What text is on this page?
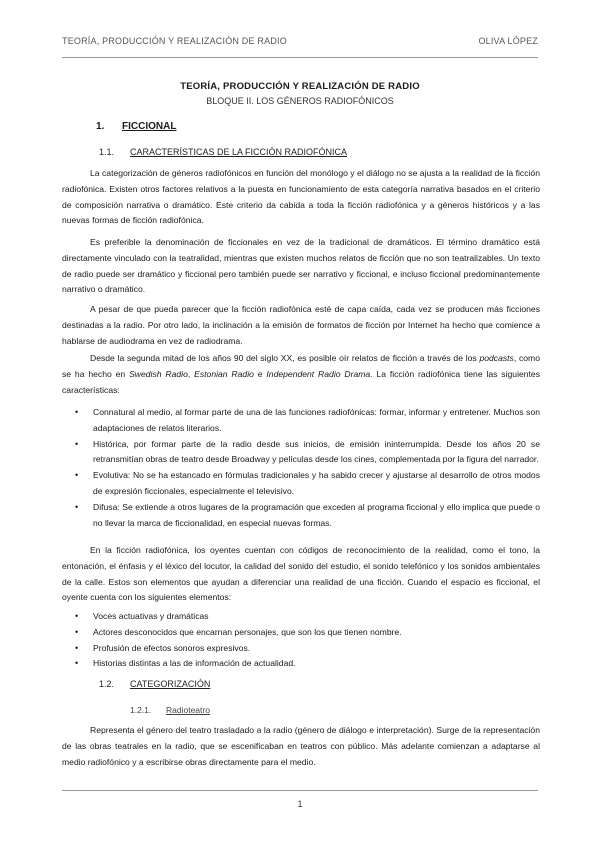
TEORÍA, PRODUCCIÓN Y REALIZACIÓN DE RADIO	OLIVA LÓPEZ
TEORÍA, PRODUCCIÓN Y REALIZACIÓN DE RADIO
BLOQUE II. LOS GÉNEROS RADIOFÓNICOS
1. FICCIONAL
1.1. CARACTERÍSTICAS DE LA FICCIÓN RADIOFÓNICA

La categorización de géneros radiofónicos en función del monólogo y el diálogo no se ajusta a la realidad de la ficción radiofónica. Existen otros factores relativos a la puesta en funcionamiento de esta categoría narrativa basados en el criterio de composición narrativa o dramático. Este criterio da cabida a toda la ficción radiofónica y a géneros históricos y a las nuevas formas de ficción radiofónica.

Es preferible la denominación de ficcionales en vez de la tradicional de dramáticos. El término dramático está directamente vinculado con la teatralidad, mientras que existen muchos relatos de ficción que no son teatralizables. Un texto de radio puede ser dramático y ficcional pero también puede ser narrativo y ficcional, e incluso ficcional predominantemente narrativo o dramático.

A pesar de que pueda parecer que la ficción radiofónica esté de capa caída, cada vez se producen más ficciones destinadas a la radio. Por otro lado, la inclinación a la emisión de formatos de ficción por Internet ha hecho que comience a hablarse de audiodrama en vez de radiodrama.

Desde la segunda mitad de los años 90 del siglo XX, es posible oír relatos de ficción a través de los podcasts, como se ha hecho en Swedish Radio, Estonian Radio e Independent Radio Drama. La ficción radiofónica tiene las siguientes características:

• Connatural al medio, al formar parte de una de las funciones radiofónicas: formar, informar y entretener. Muchos son adaptaciones de relatos literarios.
• Histórica, por formar parte de la radio desde sus inicios, de emisión ininterrumpida. Desde los años 20 se retransmitían obras de teatro desde Broadway y películas desde los cines, complementada por la figura del narrador.
• Evolutiva: No se ha estancado en fórmulas tradicionales y ha sabido crecer y ajustarse al desarrollo de otros modos de expresión ficcionales, especialmente el televisivo.
• Difusa: Se extiende a otros lugares de la programación que exceden al programa ficcional y ello implica que puede o no llevar la marca de ficcionalidad, en especial nuevas formas.

En la ficción radiofónica, los oyentes cuentan con códigos de reconocimiento de la realidad, como el tono, la entonación, el énfasis y el léxico del locutor, la calidad del sonido del estudio, el sonido telefónico y los sonidos ambientales de la calle. Estos son elementos que ayudan a diferenciar una realidad de una ficción. Cuando el espacio es ficcional, el oyente cuenta con los siguientes elementos:

• Voces actuativas y dramáticas
• Actores desconocidos que encarnan personajes, que son los que tienen nombre.
• Profusión de efectos sonoros expresivos.
• Historias distintas a las de información de actualidad.
1.2. CATEGORIZACIÓN
1.2.1. Radioteatro

Representa el género del teatro trasladado a la radio (género de diálogo e interpretación). Surge de la representación de las obras teatrales en la radio, que se escenificaban en teatros con público. Más adelante comienzan a adaptarse al medio radiofónico y a escribirse obras directamente para el medio.

1
